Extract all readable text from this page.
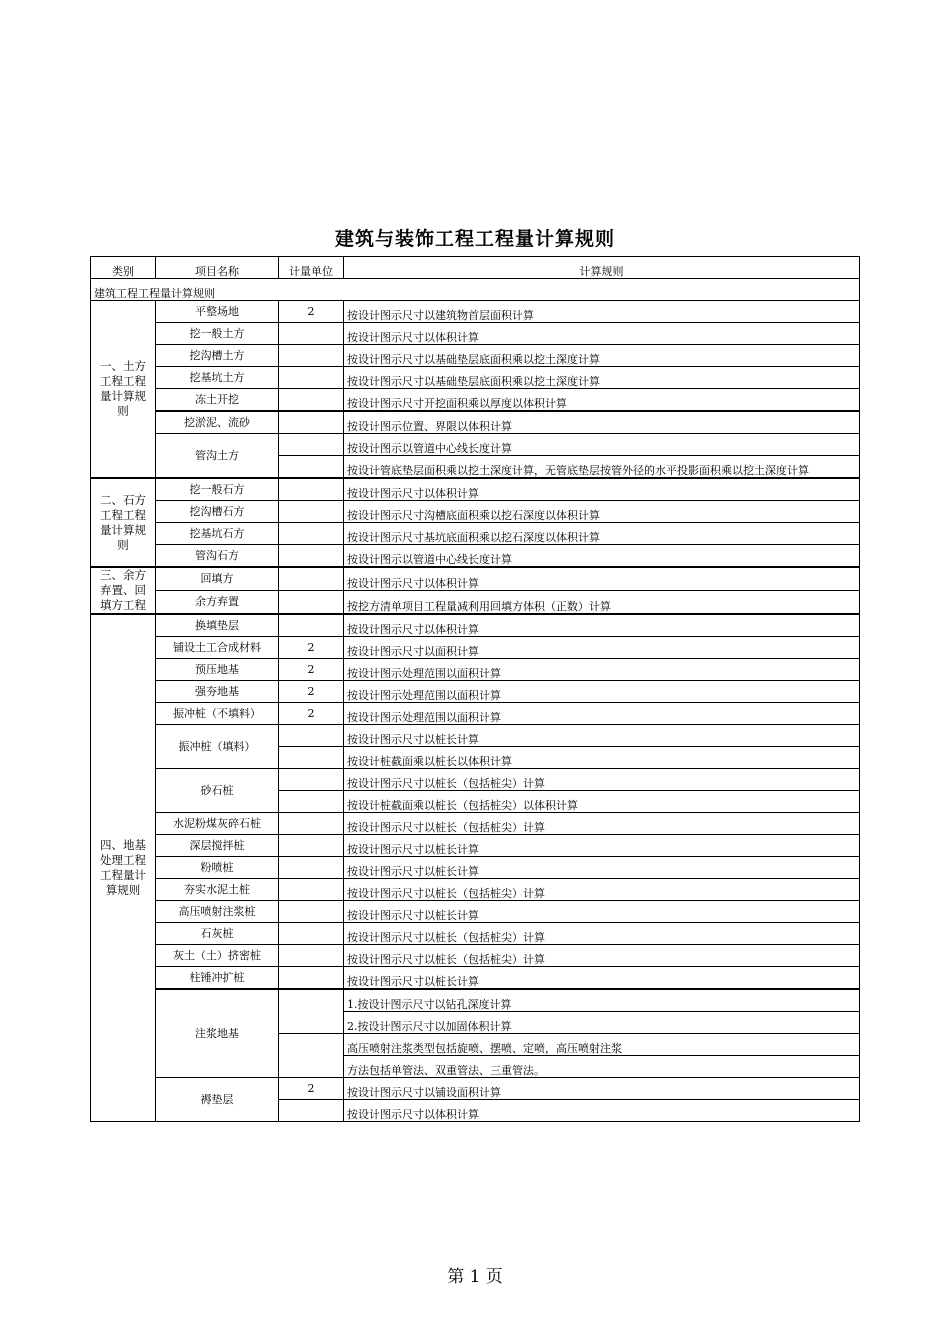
建筑与装饰工程工程量计算规则
类别	项目名称	计量单位	计算规则
建筑工程工程量计算规则			
一、土方工程工程量计算规则	平整场地	2	按设计图示尺寸以建筑物首层面积计算
	挖一般土方		按设计图示尺寸以体积计算
	挖沟槽土方		按设计图示尺寸以基础垫层底面积乘以挖土深度计算
	挖基坑土方		按设计图示尺寸以基础垫层底面积乘以挖土深度计算
	冻土开挖		按设计图示尺寸开挖面积乘以厚度以体积计算
	挖淤泥、流砂		按设计图示位置、界限以体积计算
	管沟土方		按设计图示以管道中心线长度计算
			按设计管底垫层面积乘以挖土深度计算，无管底垫层按管外径的水平投影面积乘以挖土深度计算
二、石方工程工程量计算规则	挖一般石方		按设计图示尺寸以体积计算
	挖沟槽石方		按设计图示尺寸沟槽底面积乘以挖石深度以体积计算
	挖基坑石方		按设计图示尺寸基坑底面积乘以挖石深度以体积计算
	管沟石方		按设计图示以管道中心线长度计算
三、余方弃置、回填方工程	回填方		按设计图示尺寸以体积计算
	余方弃置		按挖方清单项目工程量减利用回填方体积（正数）计算
四、地基处理工程工程量计算规则	换填垫层		按设计图示尺寸以体积计算
	铺设土工合成材料	2	按设计图示尺寸以面积计算
	预压地基	2	按设计图示处理范围以面积计算
	强夯地基	2	按设计图示处理范围以面积计算
	振冲桩（不填料）	2	按设计图示处理范围以面积计算
	振冲桩（填料）		按设计图示尺寸以桩长计算
			按设计桩截面乘以桩长以体积计算
	砂石桩		按设计图示尺寸以桩长（包括桩尖）计算
			按设计桩截面乘以桩长（包括桩尖）以体积计算
	水泥粉煤灰碎石桩		按设计图示尺寸以桩长（包括桩尖）计算
	深层搅拌桩		按设计图示尺寸以桩长计算
	粉喷桩		按设计图示尺寸以桩长计算
	夯实水泥土桩		按设计图示尺寸以桩长（包括桩尖）计算
	高压喷射注浆桩		按设计图示尺寸以桩长计算
	石灰桩		按设计图示尺寸以桩长（包括桩尖）计算
	灰土（土）挤密桩		按设计图示尺寸以桩长（包括桩尖）计算
	柱锤冲扩桩		按设计图示尺寸以桩长计算
	注浆地基		1.按设计图示尺寸以钻孔深度计算
			2.按设计图示尺寸以加固体积计算
			高压喷射注浆类型包括旋喷、摆喷、定喷，高压喷射注浆
			方法包括单管法、双重管法、三重管法。
	褥垫层	2	按设计图示尺寸以铺设面积计算
			按设计图示尺寸以体积计算
第 1 页
